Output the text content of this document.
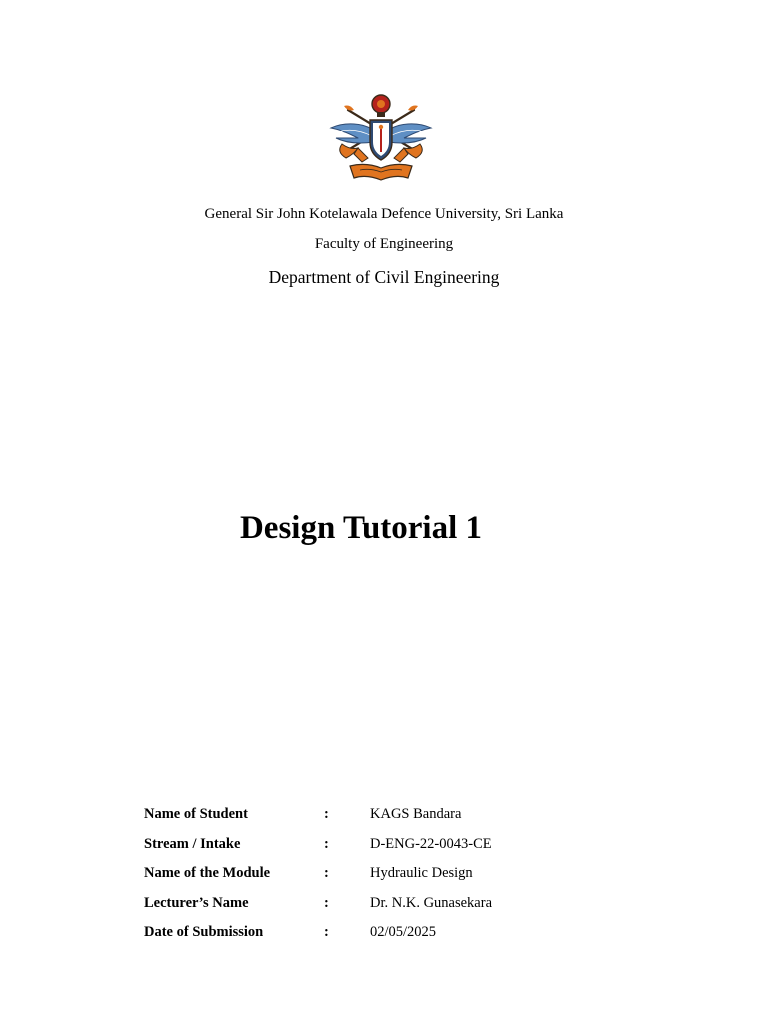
General Sir John Kotelawala Defence University, Sri Lanka
Faculty of Engineering
Department of Civil Engineering
Design Tutorial 1
Name of Student	:	KAGS Bandara
Stream / Intake	:	D-ENG-22-0043-CE
Name of the Module	:	Hydraulic Design
Lecturer’s Name	:	Dr. N.K. Gunasekara
Date of Submission	:	02/05/2025
